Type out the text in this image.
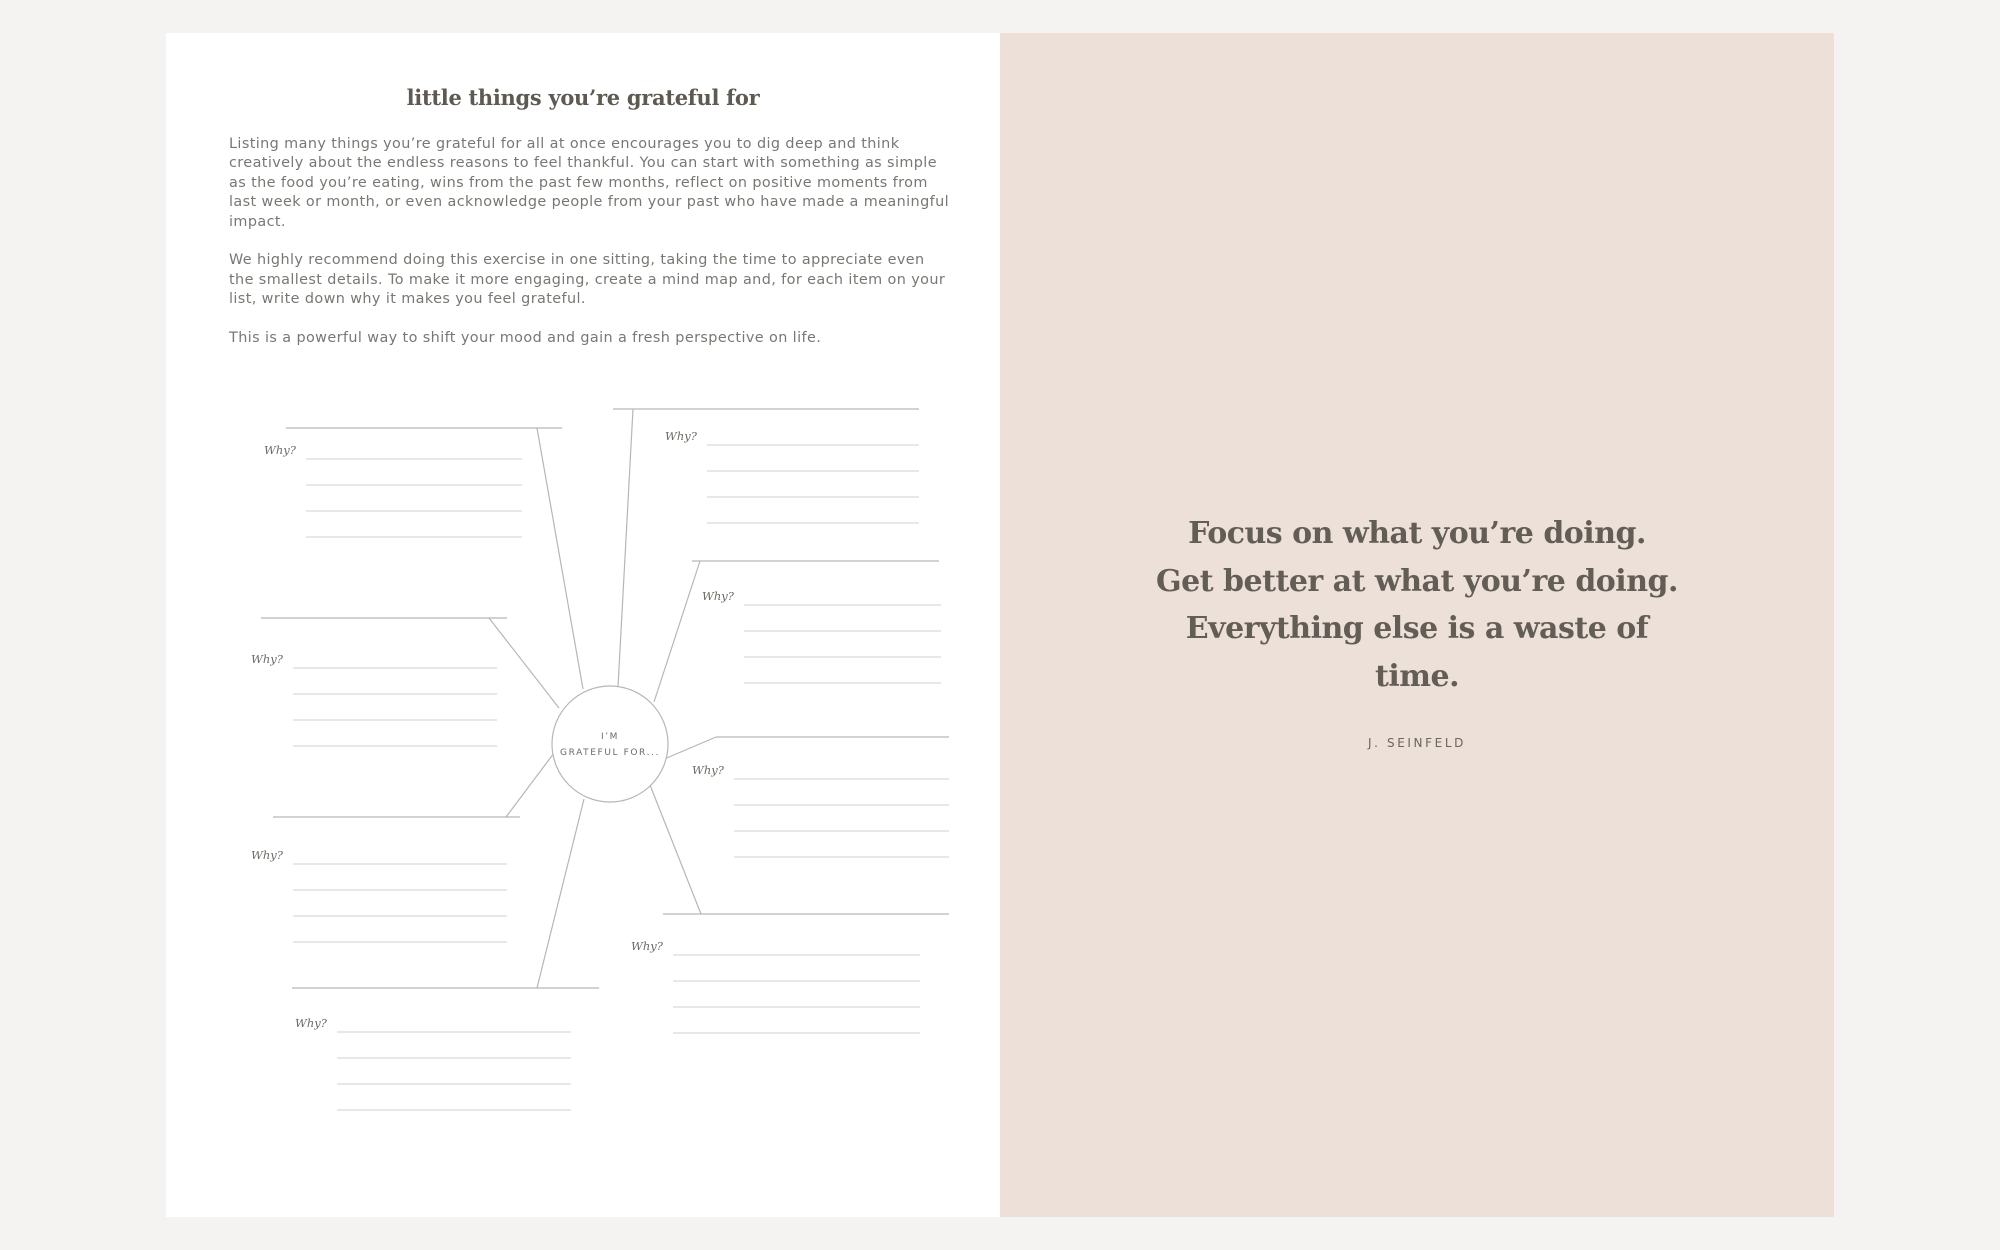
little things you’re grateful for

Listing many things you’re grateful for all at once encourages you to dig deep and think creatively about the endless reasons to feel thankful. You can start with something as simple as the food you’re eating, wins from the past few months, reflect on positive moments from last week or month, or even acknowledge people from your past who have made a meaningful impact.

We highly recommend doing this exercise in one sitting, taking the time to appreciate even the smallest details. To make it more engaging, create a mind map and, for each item on your list, write down why it makes you feel grateful.

This is a powerful way to shift your mood and gain a fresh perspective on life.

I’M
GRATEFUL FOR...
Why?
Why?
Why?
Why?
Why?
Why?
Why?
Why?
Focus on what you’re doing.
Get better at what you’re doing.
Everything else is a waste of
time.
J. SEINFELD
